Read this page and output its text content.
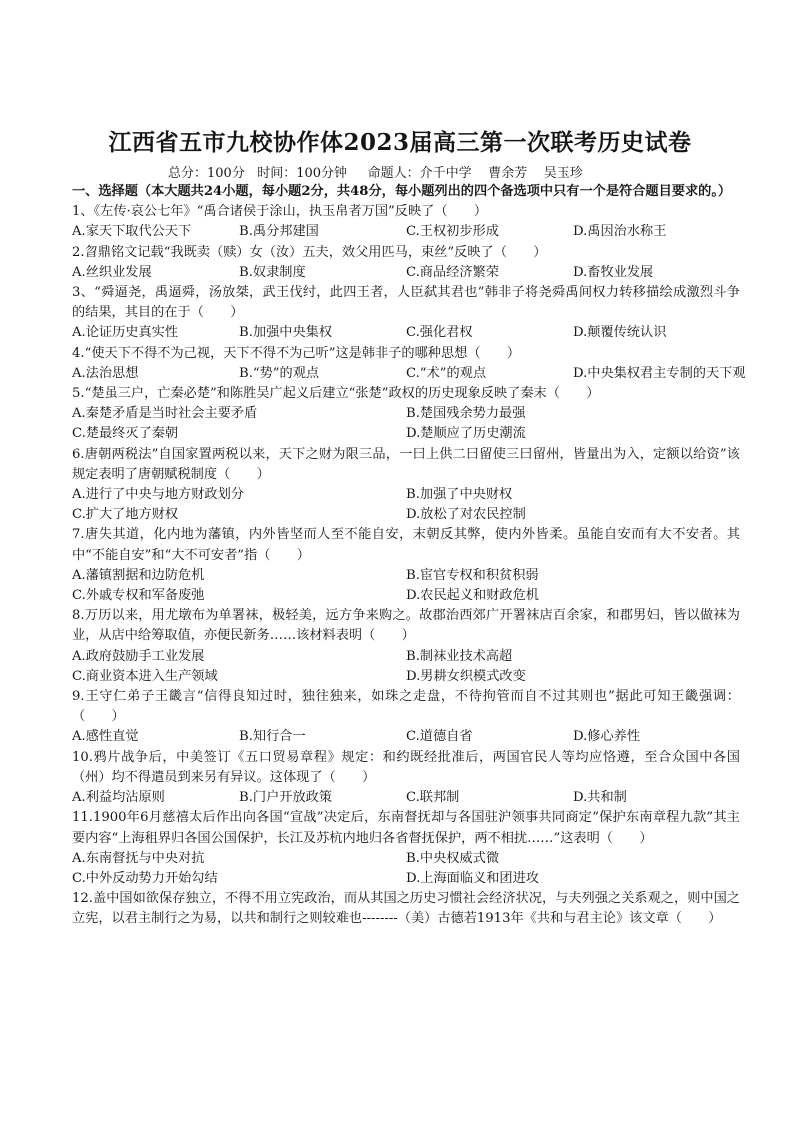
江西省五市九校协作体2023届高三第一次联考历史试卷
总分：100分   时间：100分钟     命题人：介千中学    曹余芳    吴玉珍
一、选择题（本大题共24小题，每小题2分，共48分，每小题列出的四个备选项中只有一个是符合题目要求的。）
1、《左传·哀公七年》“禹合诸侯于涂山，执玉帛者万国”反映了（　　）
A.家天下取代公天下	B.禹分邦建国	C.王权初步形成	D.禹因治水称王
2.曶鼎铭文记载“我既卖（赎）女（汝）五夫，效父用匹马，束丝”反映了（　　）
A.丝织业发展	B.奴隶制度	C.商品经济繁荣	D.畜牧业发展
3、“舜逼尧，禹逼舜，汤放桀，武王伐纣，此四王者，人臣弑其君也”韩非子将尧舜禹间权力转移描绘成激烈斗争的结果，其目的在于（　　）
A.论证历史真实性	B.加强中央集权	C.强化君权	D.颠覆传统认识
4.“使天下不得不为己视，天下不得不为己听”这是韩非子的哪种思想（　　）
A.法治思想	B.“势”的观点	C.“术”的观点	D.中央集权君主专制的天下观
5.“楚虽三户，亡秦必楚”和陈胜吴广起义后建立“张楚”政权的历史现象反映了秦末（　　）
A.秦楚矛盾是当时社会主要矛盾	B.楚国残余势力最强
C.楚最终灭了秦朝	D.楚顺应了历史潮流
6.唐朝两税法”自国家置两税以来，天下之财为限三品，一曰上供二曰留使三曰留州，皆量出为入，定额以给资”该规定表明了唐朝赋税制度（　　）
A.进行了中央与地方财政划分	B.加强了中央财权
C.扩大了地方财权	D.放松了对农民控制
7.唐失其道，化内地为藩镇，内外皆坚而人至不能自安，末朝反其弊，使内外皆柔。虽能自安而有大不安者。其中“不能自安”和“大不可安者”指（　　）
A.藩镇割据和边防危机	B.宦官专权和积贫积弱
C.外戚专权和军备废弛	D.农民起义和财政危机
8.万历以来，用尤墩布为单署袜，极轻美，远方争来购之。故郡治西郊广开署袜店百余家，和郡男妇，皆以做袜为业，从店中给筹取值，亦便民新务……该材料表明（　　）
A.政府鼓励手工业发展	B.制袜业技术高超
C.商业资本进入生产领域	D.男耕女织模式改变
9.王守仁弟子王畿言“信得良知过时，独往独来，如珠之走盘，不待拘管而自不过其则也”据此可知王畿强调：（　　）
A.感性直觉	B.知行合一	C.道德自省	D.修心养性
10.鸦片战争后，中美签订《五口贸易章程》规定：和约既经批准后，两国官民人等均应恪遵，至合众国中各国（州）均不得遣员到来另有异议。这体现了（　　）
A.利益均沾原则	B.门户开放政策	C.联邦制	D.共和制
11.1900年6月慈禧太后作出向各国“宣战”决定后，东南督抚却与各国驻沪领事共同商定“保护东南章程九款”其主要内容“上海租界归各国公国保护，长江及苏杭内地归各省督抚保护，两不相扰……”这表明（　　）
A.东南督抚与中央对抗	B.中央权威式微
C.中外反动势力开始勾结	D.上海面临义和团进攻
12.盖中国如欲保存独立，不得不用立宪政治，而从其国之历史习惯社会经济状况，与夫列强之关系观之，则中国之立宪，以君主制行之为易，以共和制行之则较难也--------（美）古德若1913年《共和与君主论》该文章（　　）
